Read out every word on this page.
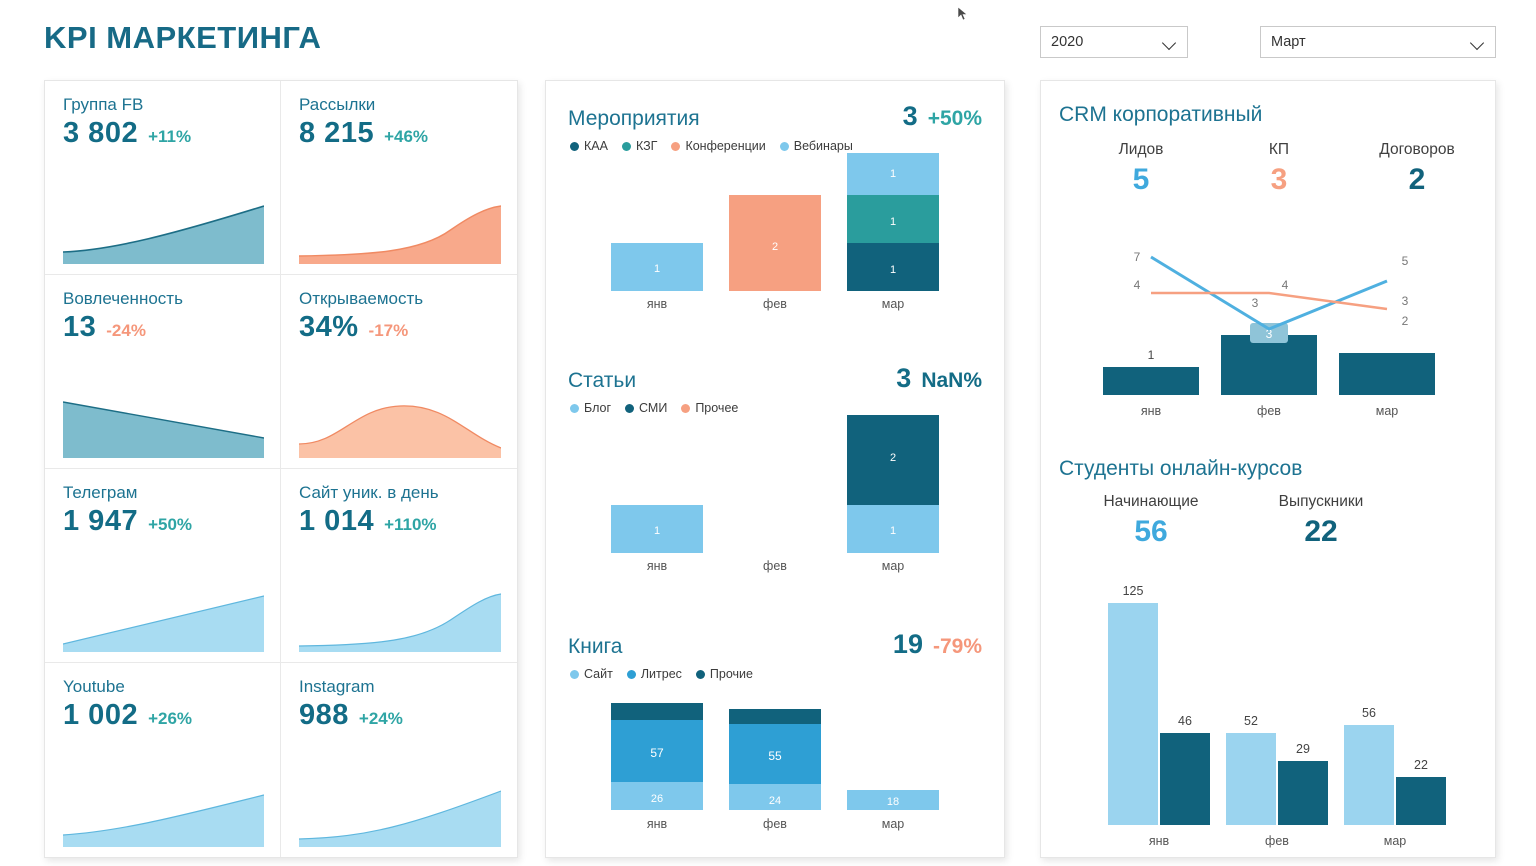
KPI МАРКЕТИНГА	2020	Март
Группа FB
3 802 +11%
Рассылки
8 215 +46%
Вовлеченность
13 -24%
Открываемость
34% -17%
Телеграм
1 947 +50%
Сайт уник. в день
1 014 +110%
Youtube
1 002 +26%
Instagram
988 +24%
Мероприятия	3 +50%
КАА КЗГ Конференции Вебинары
1
2
1
1
1
янв	фев	мар
Статьи	3 NaN%
Блог СМИ Прочее
1
2
1
янв	фев	мар
Книга	19 -79%
Сайт Литрес Прочие
57
26
55
24	18
янв	фев	мар
CRM корпоративный
Лидов
5
КП
3
Договоров
2
1
3
7
4
3
4
5
3
2
янв	фев	мар
Студенты онлайн-курсов
Начинающие
56
Выпускники
22
125
46	52
29
56
22
янв	фев	мар
